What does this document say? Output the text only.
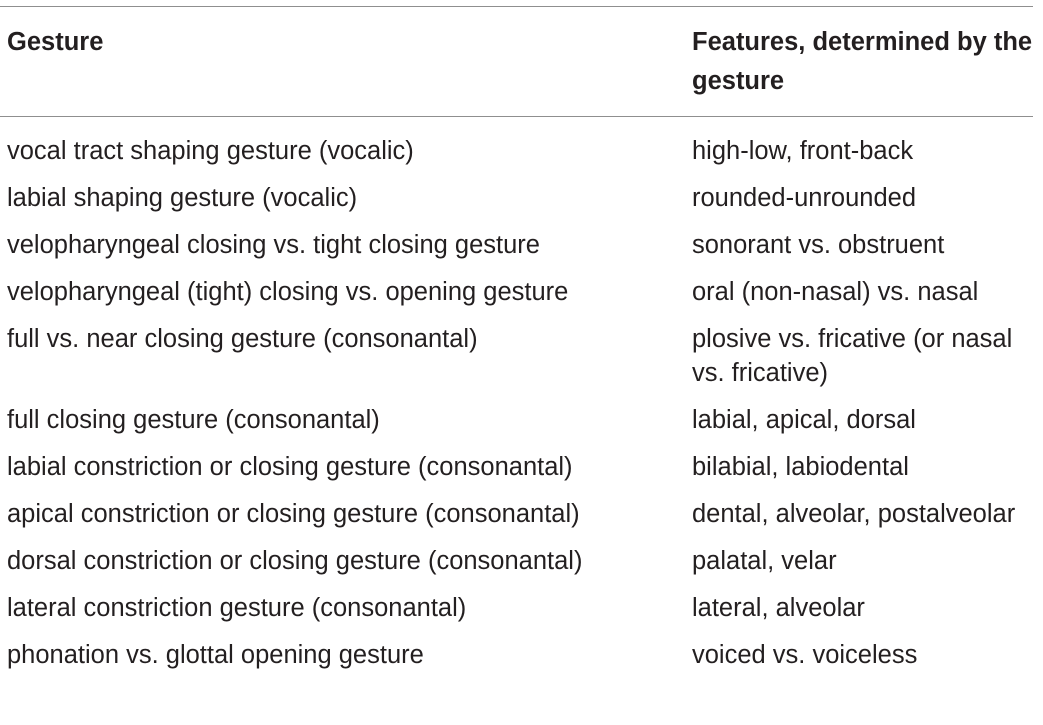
Gesture	Features, determined by the gesture
vocal tract shaping gesture (vocalic)	high-low, front-back
labial shaping gesture (vocalic)	rounded-unrounded
velopharyngeal closing vs. tight closing gesture	sonorant vs. obstruent
velopharyngeal (tight) closing vs. opening gesture	oral (non-nasal) vs. nasal
full vs. near closing gesture (consonantal)	plosive vs. fricative (or nasal vs. fricative)
full closing gesture (consonantal)	labial, apical, dorsal
labial constriction or closing gesture (consonantal)	bilabial, labiodental
apical constriction or closing gesture (consonantal)	dental, alveolar, postalveolar
dorsal constriction or closing gesture (consonantal)	palatal, velar
lateral constriction gesture (consonantal)	lateral, alveolar
phonation vs. glottal opening gesture	voiced vs. voiceless
